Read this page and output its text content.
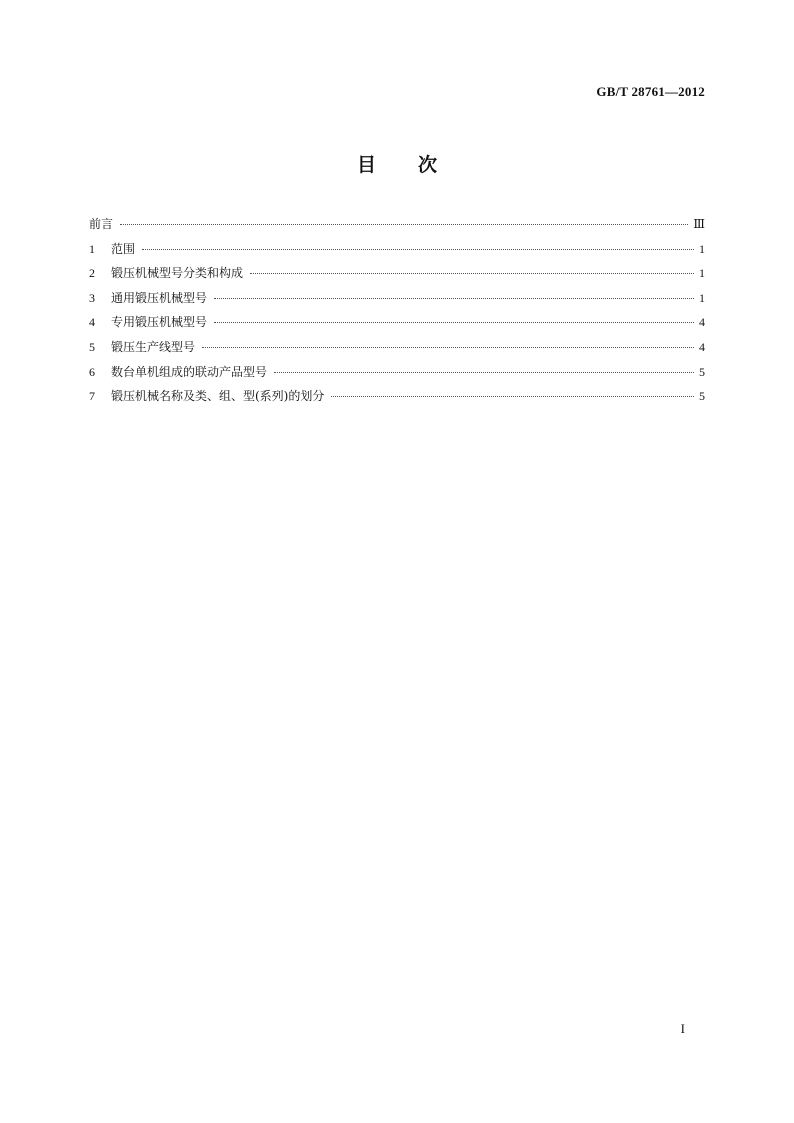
GB/T 28761—2012
目次
前言	Ⅲ
1	范围	1
2	锻压机械型号分类和构成	1
3	通用锻压机械型号	1
4	专用锻压机械型号	4
5	锻压生产线型号	4
6	数台单机组成的联动产品型号	5
7	锻压机械名称及类、组、型(系列)的划分	5
I
